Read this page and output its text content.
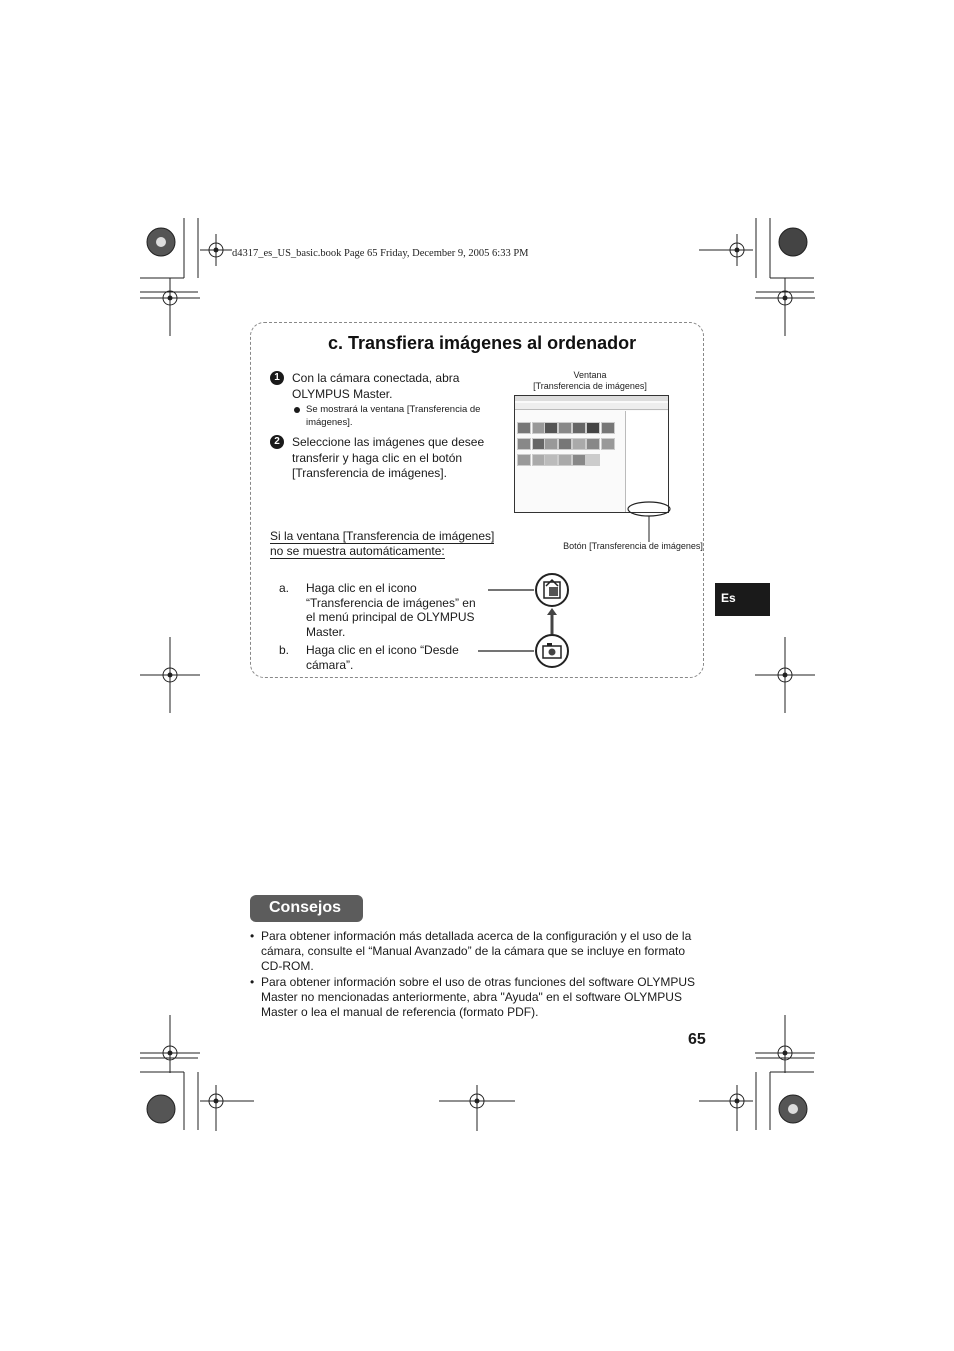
d4317_es_US_basic.book Page 65 Friday, December 9, 2005 6:33 PM
c. Transfiera imágenes al ordenador
1	Con la cámara conectada, abra OLYMPUS Master.
Se mostrará la ventana [Transferencia de imágenes].
2	Seleccione las imágenes que desee transferir y haga clic en el botón [Transferencia de imágenes].
Ventana
[Transferencia de imágenes]
Botón [Transferencia de imágenes]
Si la ventana [Transferencia de imágenes]
no se muestra automáticamente:
a. Haga clic en el icono “Transferencia de imágenes” en el menú principal de OLYMPUS Master.
b. Haga clic en el icono “Desde cámara”.
Es
Consejos
• Para obtener información más detallada acerca de la configuración y el uso de la cámara, consulte el “Manual Avanzado” de la cámara que se incluye en formato CD-ROM.
• Para obtener información sobre el uso de otras funciones del software OLYMPUS Master no mencionadas anteriormente, abra "Ayuda" en el software OLYMPUS Master o lea el manual de referencia (formato PDF).
65
